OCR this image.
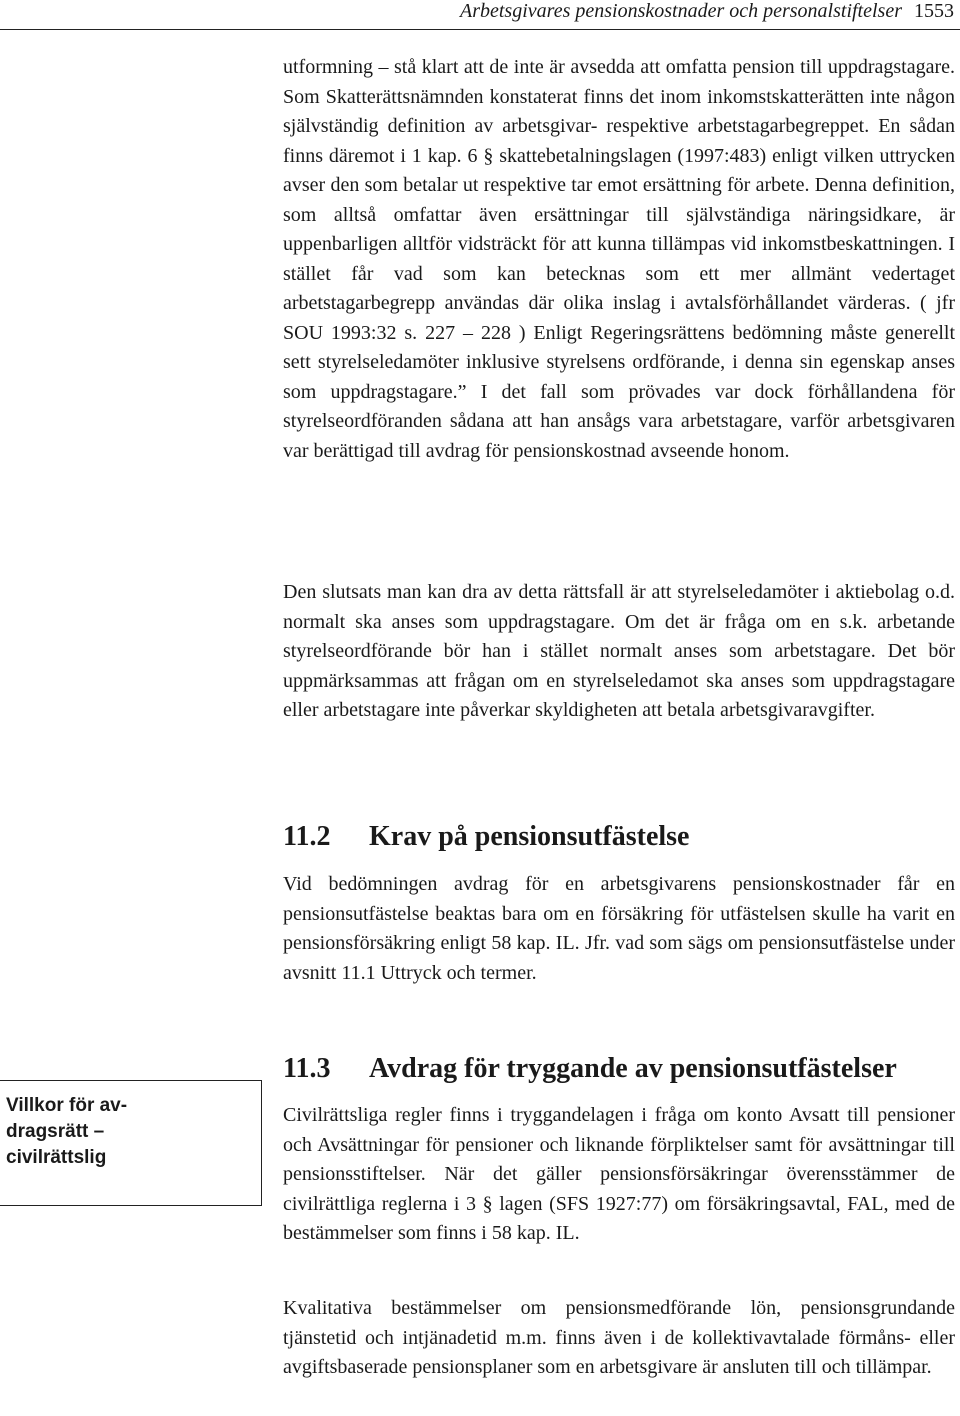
Arbetsgivares pensionskostnader och personalstiftelser 1553

utformning – stå klart att de inte är avsedda att omfatta pension till uppdragstagare. Som Skatterättsnämnden konstaterat finns det inom inkomstskatterätten inte någon självständig definition av arbetsgivar- respektive arbetstagarbegreppet. En sådan finns däremot i 1 kap. 6 § skattebetalningslagen (1997:483) enligt vilken uttrycken avser den som betalar ut respektive tar emot ersättning för arbete. Denna definition, som alltså omfattar även ersättningar till självständiga näringsidkare, är uppenbarligen alltför vidsträckt för att kunna tillämpas vid inkomstbeskattningen. I stället får vad som kan betecknas som ett mer allmänt vedertaget arbetstagarbegrepp användas där olika inslag i avtalsförhållandet värderas. ( jfr SOU 1993:32 s. 227 – 228 ) Enligt Regeringsrättens bedömning måste generellt sett styrelseledamöter inklusive styrelsens ordförande, i denna sin egenskap anses som uppdragstagare.” I det fall som prövades var dock förhållandena för styrelseordföranden sådana att han ansågs vara arbetstagare, varför arbetsgivaren var berättigad till avdrag för pensionskostnad avseende honom.

Den slutsats man kan dra av detta rättsfall är att styrelseledamöter i aktiebolag o.d. normalt ska anses som uppdragstagare. Om det är fråga om en s.k. arbetande styrelseordförande bör han i stället normalt anses som arbetstagare. Det bör uppmärksammas att frågan om en styrelseledamot ska anses som uppdragstagare eller arbetstagare inte påverkar skyldigheten att betala arbetsgivaravgifter.

11.2 Krav på pensionsutfästelse

Vid bedömningen avdrag för en arbetsgivarens pensionskostnader får en pensionsutfästelse beaktas bara om en försäkring för utfästelsen skulle ha varit en pensionsförsäkring enligt 58 kap. IL. Jfr. vad som sägs om pensionsutfästelse under avsnitt 11.1 Uttryck och termer.

11.3 Avdrag för tryggande av pensionsutfästelser

Civilrättsliga regler finns i tryggandelagen i fråga om konto Avsatt till pensioner och Avsättningar för pensioner och liknande förpliktelser samt för avsättningar till pensionsstiftelser. När det gäller pensionsförsäkringar överensstämmer de civilrättliga reglerna i 3 § lagen (SFS 1927:77) om försäkringsavtal, FAL, med de bestämmelser som finns i 58 kap. IL.

Kvalitativa bestämmelser om pensionsmedförande lön, pensionsgrundande tjänstetid och intjänadetid m.m. finns även i de kollektivavtalade förmåns- eller avgiftsbaserade pensionsplaner som en arbetsgivare är ansluten till och tillämpar.

Villkor för av-
dragsrätt –
civilrättslig
